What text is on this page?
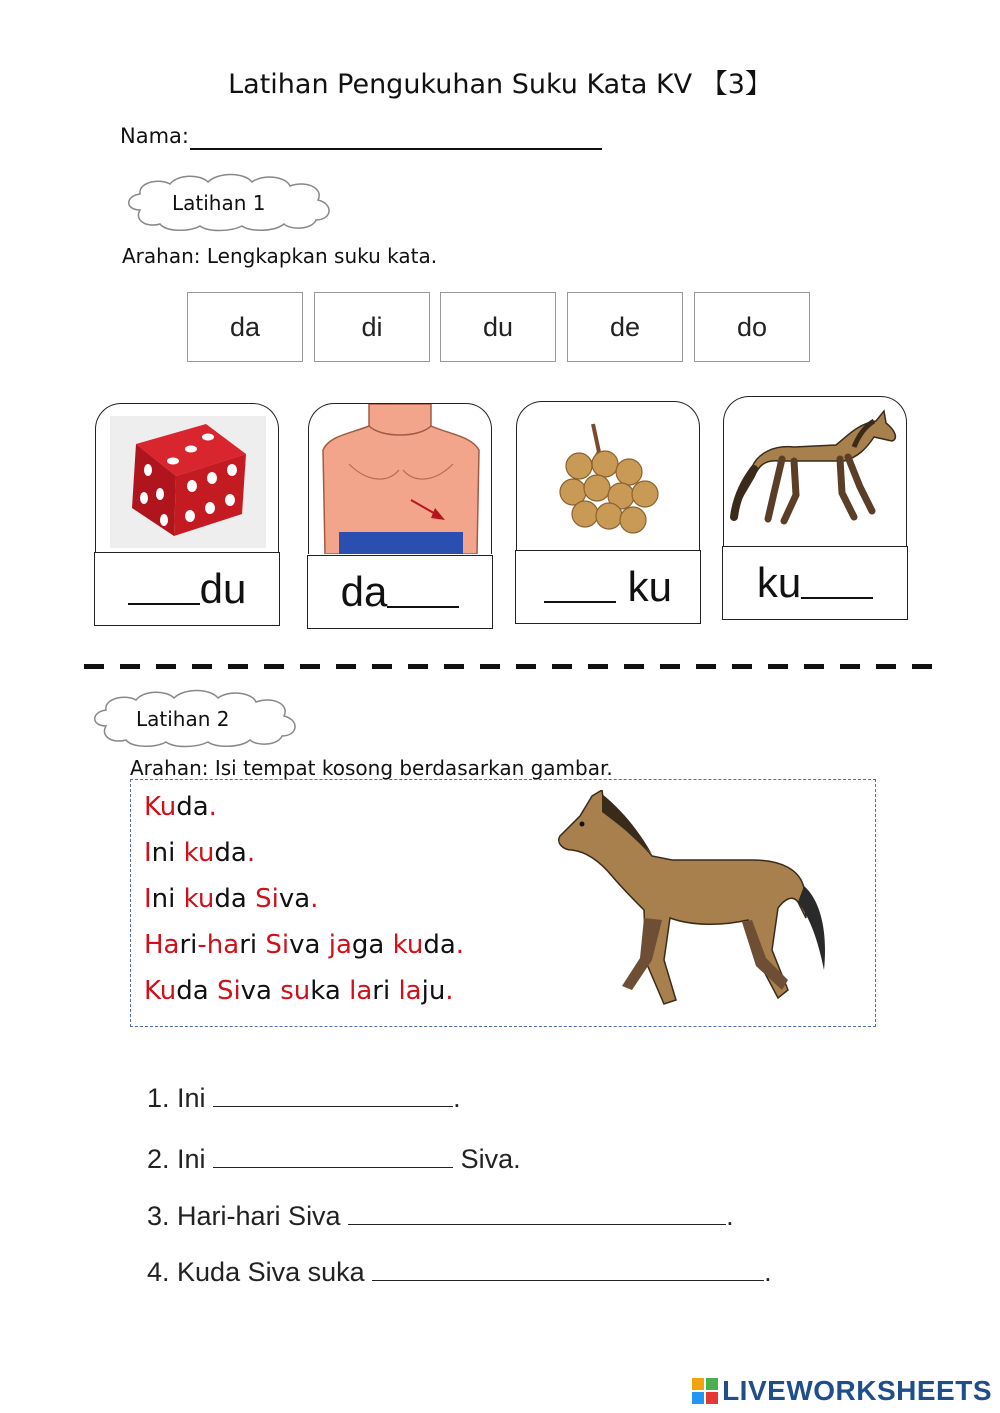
Latihan Pengukuhan Suku Kata KV 【3】
Nama:
Latihan 1
Arahan: Lengkapkan suku kata.
da	di	du	de	do
du da	ku ku
Latihan 2
Arahan: Isi tempat kosong berdasarkan gambar.
Kuda.
Ini kuda.
Ini kuda Siva.
Hari-hari Siva jaga kuda.
Kuda Siva suka lari laju.

1. Ini	.

2. Ini	Siva.

3. Hari-hari Siva	.

4. Kuda Siva suka	.

LIVEWORKSHEETS
